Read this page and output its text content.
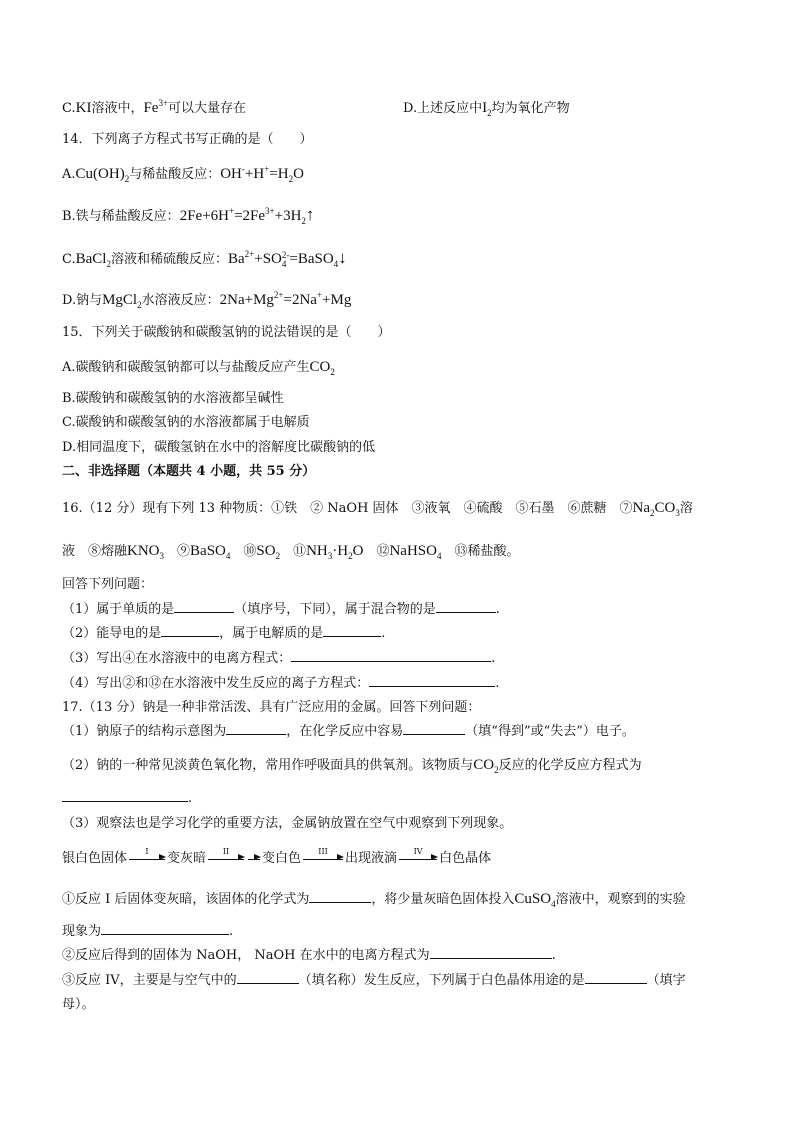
C.KI溶液中，$Fe^{3+}$可以大量存在	D.上述反应中$I_2$均为氧化产物
14．下列离子方程式书写正确的是（　　）
$A.Cu(OH)_2$与稀盐酸反应：$OH^-+H^+=H_2O$
B.铁与稀盐酸反应：$2Fe+6H^+=2Fe^{3+}+3H_2↑$
C.BaCl$_2$溶液和稀硫酸反应：$Ba^{2+}+SO$ 2-
4 =BaSO$_4$↓
D.钠与MgCl$_2$水溶液反应：$2Na+Mg^{2+}=2Na^++Mg$
15．下列关于碳酸钠和碳酸氢钠的说法错误的是（　　）
A.碳酸钠和碳酸氢钠都可以与盐酸反应产生$CO_2$
B.碳酸钠和碳酸氢钠的水溶液都呈碱性
C.碳酸钠和碳酸氢钠的水溶液都属于电解质
D.相同温度下，碳酸氢钠在水中的溶解度比碳酸钠的低
二、非选择题（本题共 4 小题，共 55 分）
16.（12 分）现有下列 13 种物质：①铁　② NaOH 固体　③液氧　④硫酸　⑤石墨　⑥蔗糖　$⑦Na_2CO_3$溶
液　⑧熔融$KNO_3$　⑨BaSO$_4$　$⑩SO_2$　$⑪NH_3\cdot H_2O$　⑫NaHSO$_4$　⑬稀盐酸。
回答下列问题：
（1）属于单质的是	（填序号，下同），属于混合物的是	.
（2）能导电的是	，属于电解质的是	.
（3）写出④在水溶液中的电离方程式：	.
（4）写出②和⑫在水溶液中发生反应的离子方程式：	.
17.（13 分）钠是一种非常活泼、具有广泛应用的金属。回答下列问题：
（1）钠原子的结构示意图为	，在化学反应中容易	（填“得到”或“失去”）电子。
（2）钠的一种常见淡黄色氧化物，常用作呼吸面具的供氧剂。该物质与$CO_2$反应的化学反应方程式为
.
（3）观察法也是学习化学的重要方法，金属钠放置在空气中观察到下列现象。
银白色固体	I	变灰暗	II	变白色	III	出现液滴	IV	白色晶体
①反应 I 后固体变灰暗，该固体的化学式为	，将少量灰暗色固体投入CuSO$_4$溶液中，观察到的实验
现象为	.
②反应后得到的固体为 NaOH， NaOH 在水中的电离方程式为	.
③反应 IV，主要是与空气中的	（填名称）发生反应，下列属于白色晶体用途的是	（填字
母）。
